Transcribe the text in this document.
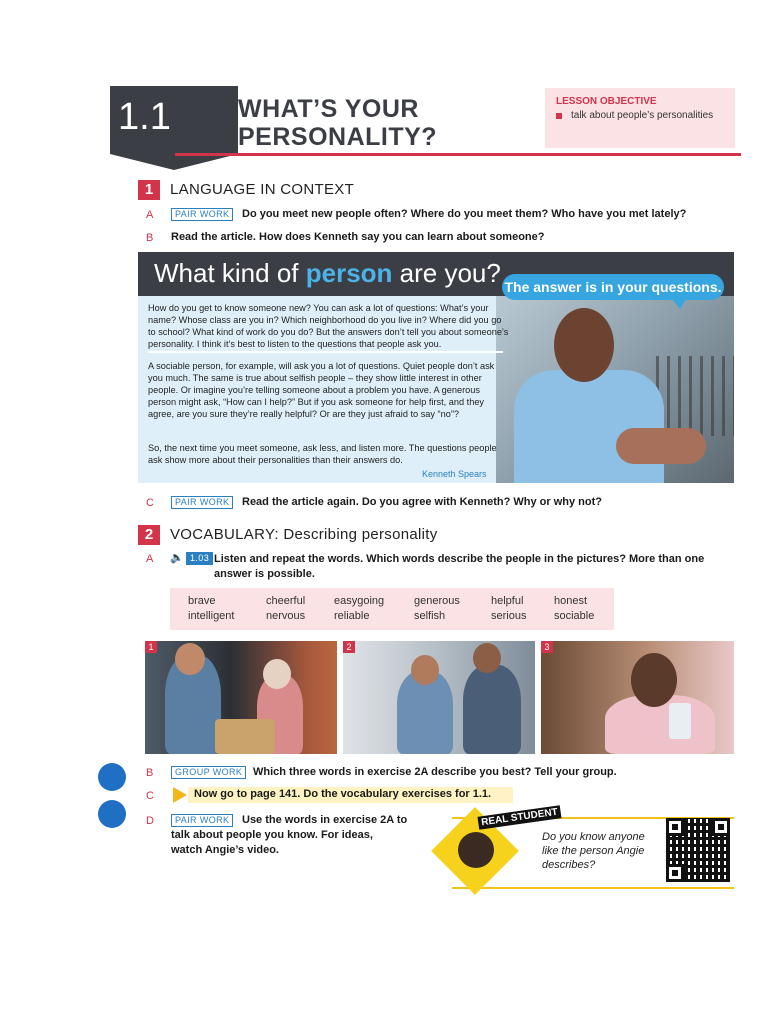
1.1	WHAT’S YOUR
PERSONALITY?
LESSON OBJECTIVE
talk about people’s personalities
1	LANGUAGE IN CONTEXT
A	PAIR WORK	Do you meet new people often? Where do you meet them? Who have you met lately?
B Read the article. How does Kenneth say you can learn about someone?
What kind of person are you? The answer is in your questions.
How do you get to know someone new? You can ask a lot of questions: What’s your name? Whose class are you in? Which neighborhood do you live in? Where did you go to school? What kind of work do you do? But the answers don’t tell you about someone’s personality. I think it’s best to listen to the questions that people ask you.
A sociable person, for example, will ask you a lot of questions. Quiet people don’t ask you much. The same is true about selfish people – they show little interest in other people. Or imagine you’re telling someone about a problem you have. A generous person might ask, “How can I help?” But if you ask someone for help first, and they agree, are you sure they’re really helpful? Or are they just afraid to say “no”?
So, the next time you meet someone, ask less, and listen more. The questions people ask show more about their personalities than their answers do.
Kenneth Spears
C	PAIR WORK	Read the article again. Do you agree with Kenneth? Why or why not?
2	VOCABULARY: Describing personality
A 🔈 1.03 Listen and repeat the words. Which words describe the people in the pictures? More than one answer is possible.
brave	cheerful	easygoing	generous	helpful	honest
intelligent	nervous	reliable	selfish	serious	sociable
1	2	3
B	GROUP WORK Which three words in exercise 2A describe you best? Tell your group.
C	Now go to page 141. Do the vocabulary exercises for 1.1.
D	PAIR WORK	Use the words in exercise 2A to
talk about people you know. For ideas,
watch Angie’s video.
REAL STUDENT
Do you know anyone like the person Angie describes?
